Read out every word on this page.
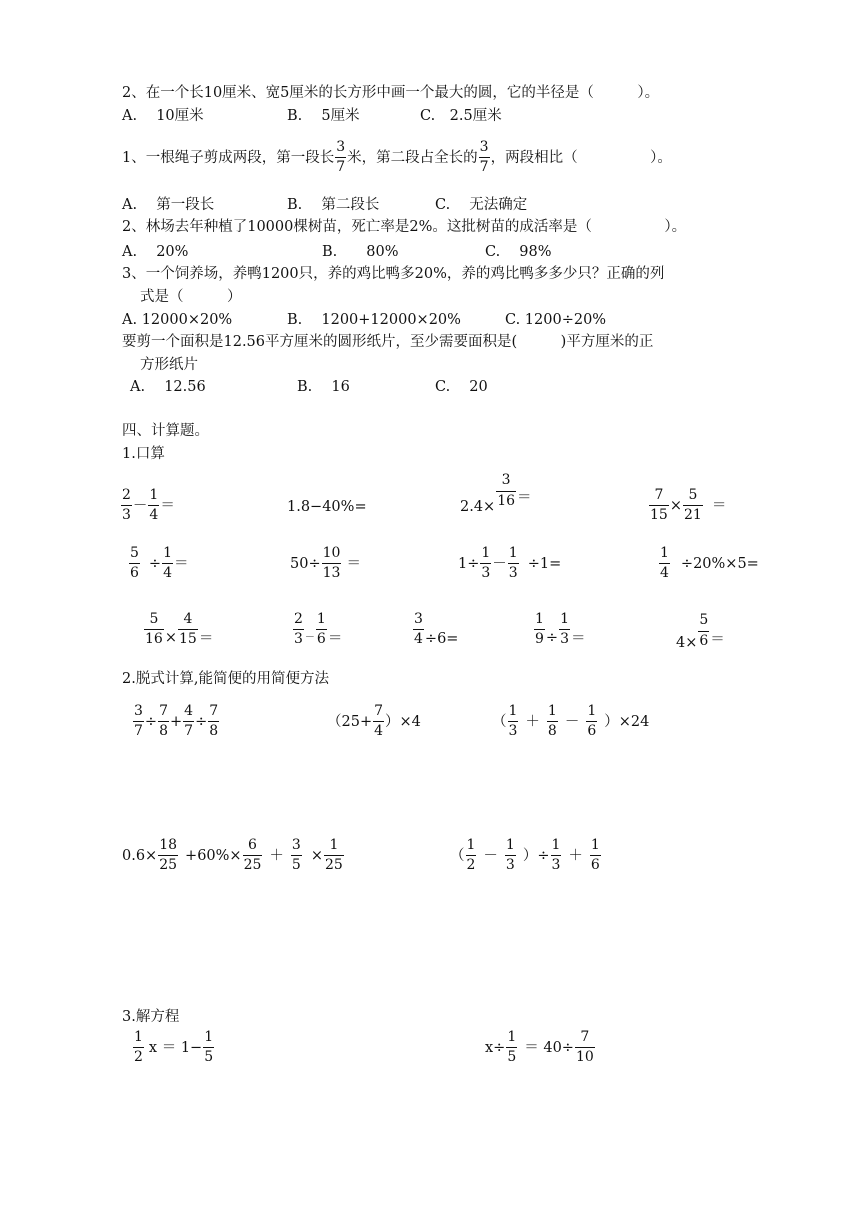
2、在一个长10厘米、宽5厘米的长方形中画一个最大的圆，它的半径是（　　　）。
A.　 10厘米	B.　 5厘米	C.　2.5厘米
1、一根绳子剪成两段，第一段长 $\frac{3}{7}$ 米，第二段占全长的 $\frac{3}{7}$ ，两段相比（　　　　　）。
A.　 第一段长	B.　 第二段长	C.　 无法确定
2、林场去年种植了10000棵树苗，死亡率是2%。这批树苗的成活率是（　　　　　）。
A.　 20%	B.　　80%	C.　 98%
3、一个饲养场，养鸭1200只，养的鸡比鸭多20%，养的鸡比鸭多多少只？正确的列
式是（　　　）
A. 12000×20%	B.　 1200+12000×20%	C. 1200÷20%
要剪一个面积是12.56平方厘米的圆形纸片，至少需要面积是(　　　)平方厘米的正
方形纸片
A.　 12.56	B.　 16	C.　 20
四、计算题。
1.口算
$\frac{2}{3} - \frac{1}{4}$ ＝	1.8−40%=	$2.4\times \frac{3}{16}$ ＝	$\frac{7}{15} \times \frac{5}{21}$ ＝
$\frac{5}{6} \div \frac{1}{4}$ ＝	$50\div \frac{10}{13}$ ＝	$1\div \frac{1}{3} - \frac{1}{3} \div 1=$	$\frac{1}{4} \div 20\%\times 5=$
$\frac{5}{16} \times \frac{4}{15}$ ＝	$\frac{2}{3} - \frac{1}{6}$ ＝	$\frac{3}{4} \div 6=$	$\frac{1}{9} \div \frac{1}{3}$ ＝	$4\times \frac{5}{6}$ ＝
2.脱式计算,能简便的用简便方法
$\frac{3}{7} \div \frac{7}{8} + \frac{4}{7} \div \frac{7}{8}$	$(25+ \frac{7}{4} )\times 4$	（ $\frac{1}{3} + \frac{1}{8} - \frac{1}{6} )\times 24$
$0.6\times \frac{18}{25} +60\%\times \frac{6}{25} + \frac{3}{5} \times \frac{1}{25}$	（ $\frac{1}{2} - \frac{1}{3}$ ）÷ $\frac{1}{3} + \frac{1}{6}$
3.解方程
$\frac{1}{2}$ $x = 1- \frac{1}{5}$	$x\div \frac{1}{5} = 40\div \frac{7}{10}$
